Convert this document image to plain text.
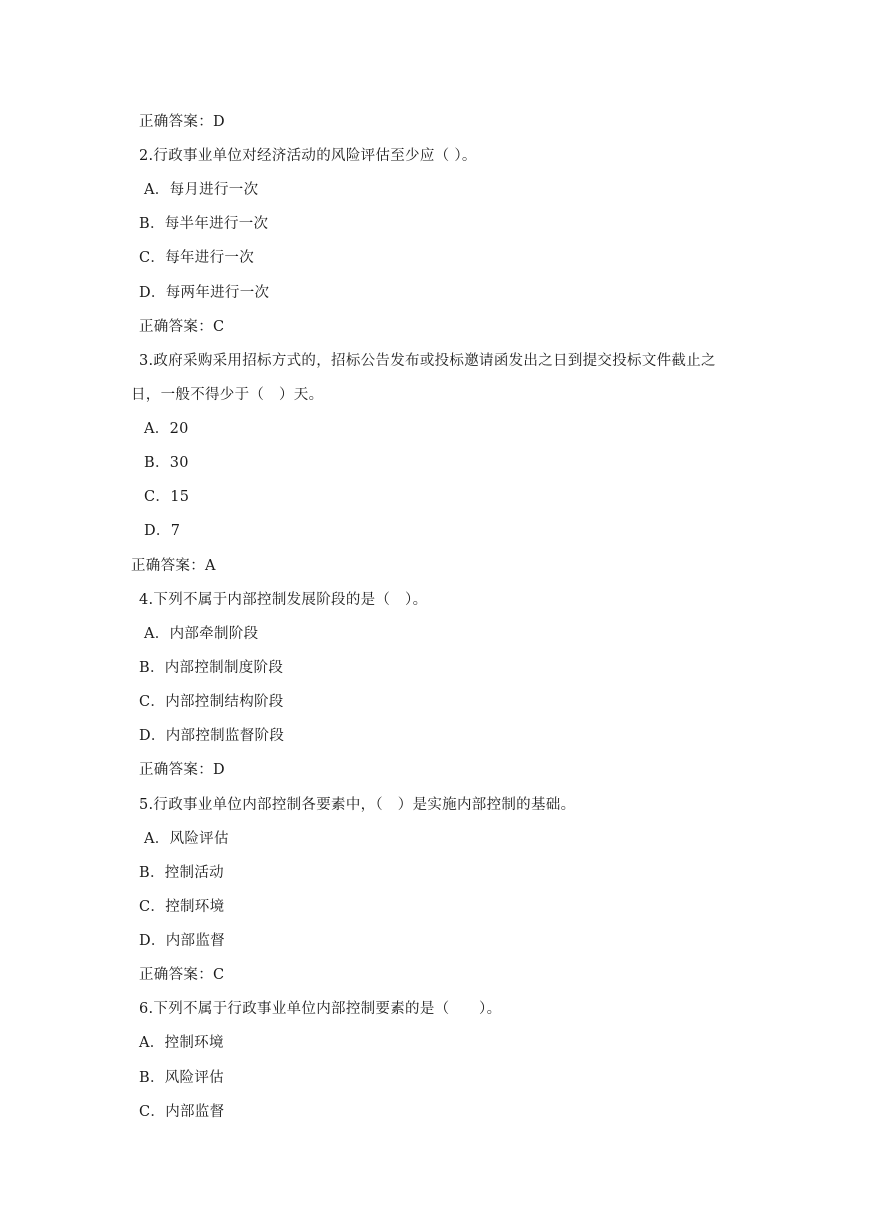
正确答案：D
2.行政事业单位对经济活动的风险评估至少应（ ）。
A．每月进行一次
B．每半年进行一次
C．每年进行一次
D．每两年进行一次
正确答案：C
3.政府采购采用招标方式的，招标公告发布或投标邀请函发出之日到提交投标文件截止之
日，一般不得少于（　）天。
A．20
B．30
C．15
D．7
正确答案：A
4.下列不属于内部控制发展阶段的是（　）。
A．内部牵制阶段
B．内部控制制度阶段
C．内部控制结构阶段
D．内部控制监督阶段
正确答案：D
5.行政事业单位内部控制各要素中，（　）是实施内部控制的基础。
A．风险评估
B．控制活动
C．控制环境
D．内部监督
正确答案：C
6.下列不属于行政事业单位内部控制要素的是（　　）。
A．控制环境
B．风险评估
C．内部监督
